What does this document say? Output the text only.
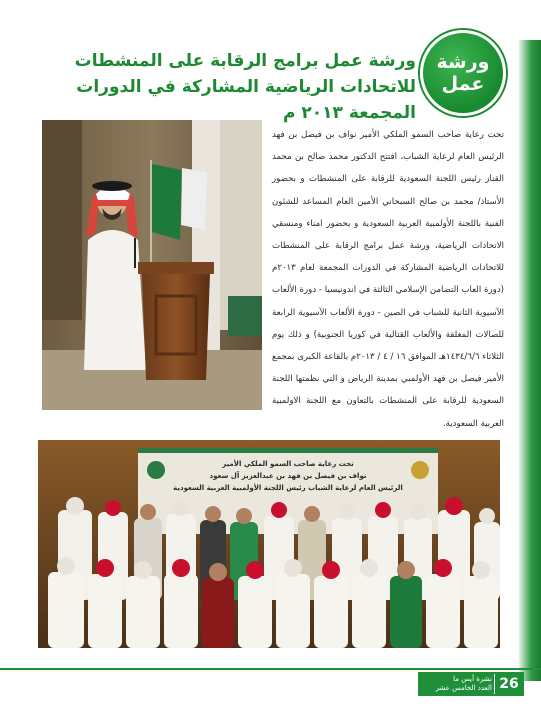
ورشة
عمل
ورشة عمل برامج الرقابة على المنشطات للاتحادات الرياضية المشاركة في الدورات المجمعة ٢٠١٣ م
تحت رعاية صاحب السمو الملكي الأمير نواف بن فيصل بن فهد الرئيس العام لرعاية الشباب، افتتح الدكتور محمد صالح بن محمد القناز رئيس اللجنة السعودية للرقابة على المنشطات و بحضور الأستاذ/ محمد بن صالح السبحاني الأمين العام المساعد للشئون الفنية باللجنة الأولمبية العربية السعودية و بحضور امناء ومنسقي الاتحادات الرياضية، ورشة عمل برامج الرقابة على المنشطات للاتحادات الرياضية المشاركة في الدورات المجمعة لعام ٢٠١٣م (دورة العاب التضامن الإسلامي الثالثة في اندونيسيا - دورة الألعاب الآسيوية الثانية للشباب في الصين - دورة الألعاب الآسيوية الرابعة للصالات المغلقة والألعاب القتالية في كوريا الجنوبية) و ذلك يوم الثلاثاء ١٤٣٤/٦/٦هـ الموافق ١٦ / ٤ / ٢٠١٣م بالقاعة الكبرى بمجمع الأمير فيصل بن فهد الأولمبي بمدينة الرياض و التي نظمتها اللجنة السعودية للرقابة على المنشطات بالتعاون مع اللجنة الاولمبية العربية السعودية.
تحت رعاية صاحب السمو الملكي الأمير
نواف بن فيصل بن فهد بن عبدالعزيز آل سعود
الرئيس العام لرعاية الشباب رئيس اللجنة الأولمبية العربية السعودية
نشرة أيس ما
العدد الخامس عشر 26
